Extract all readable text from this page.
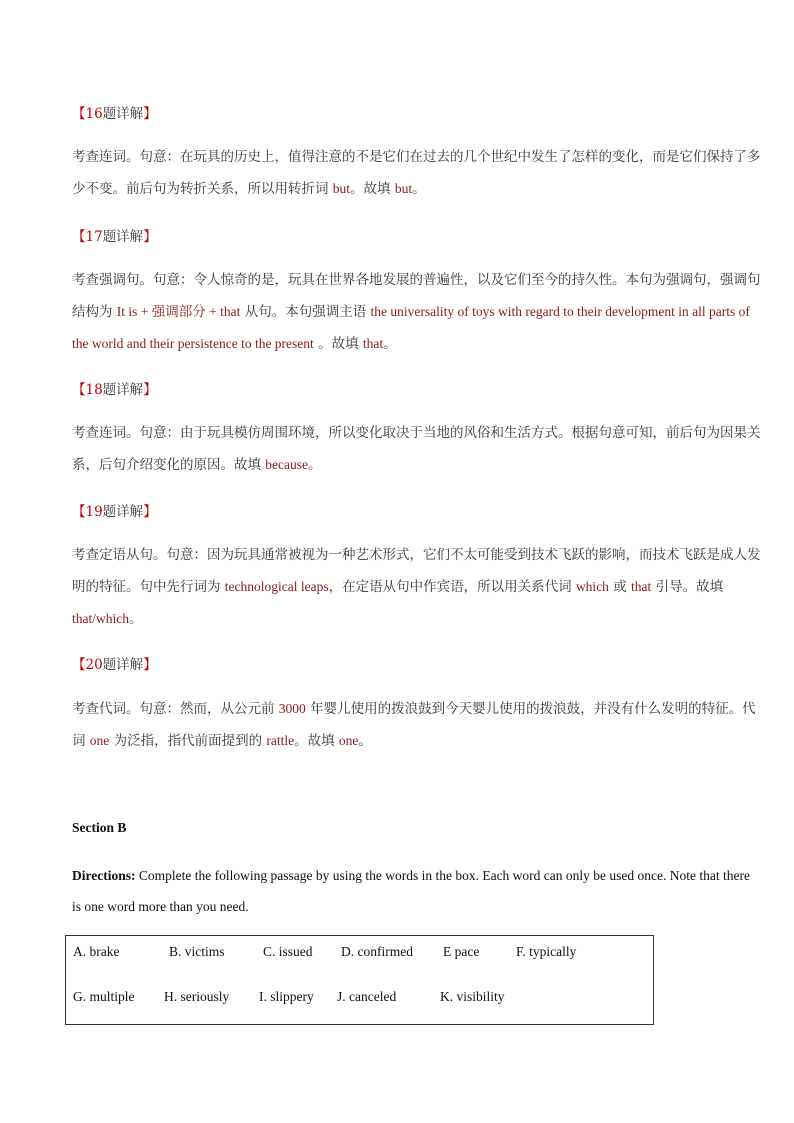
【16题详解】
考查连词。句意：在玩具的历史上，值得注意的不是它们在过去的几个世纪中发生了怎样的变化，而是它们保持了多少不变。前后句为转折关系，所以用转折词 but。故填 but。
【17题详解】
考查强调句。句意：令人惊奇的是，玩具在世界各地发展的普遍性，以及它们至今的持久性。本句为强调句，强调句结构为 It is + 强调部分 + that 从句。本句强调主语 the universality of toys with regard to their development in all parts of the world and their persistence to the present 。故填 that。
【18题详解】
考查连词。句意：由于玩具模仿周围环境，所以变化取决于当地的风俗和生活方式。根据句意可知，前后句为因果关系，后句介绍变化的原因。故填 because。
【19题详解】
考查定语从句。句意：因为玩具通常被视为一种艺术形式，它们不太可能受到技术飞跃的影响，而技术飞跃是成人发明的特征。句中先行词为 technological leaps，在定语从句中作宾语，所以用关系代词 which 或 that 引导。故填 that/which。
【20题详解】
考查代词。句意：然而，从公元前 3000 年婴儿使用的拨浪鼓到今天婴儿使用的拨浪鼓，并没有什么发明的特征。代词 one 为泛指，指代前面提到的 rattle。故填 one。
Section B
Directions: Complete the following passage by using the words in the box. Each word can only be used once. Note that there is one word more than you need.
A. brake	B. victims	C. issued D. confirmed E pace	F. typically
G. multiple H. seriously I. slippery J. canceled	K. visibility
